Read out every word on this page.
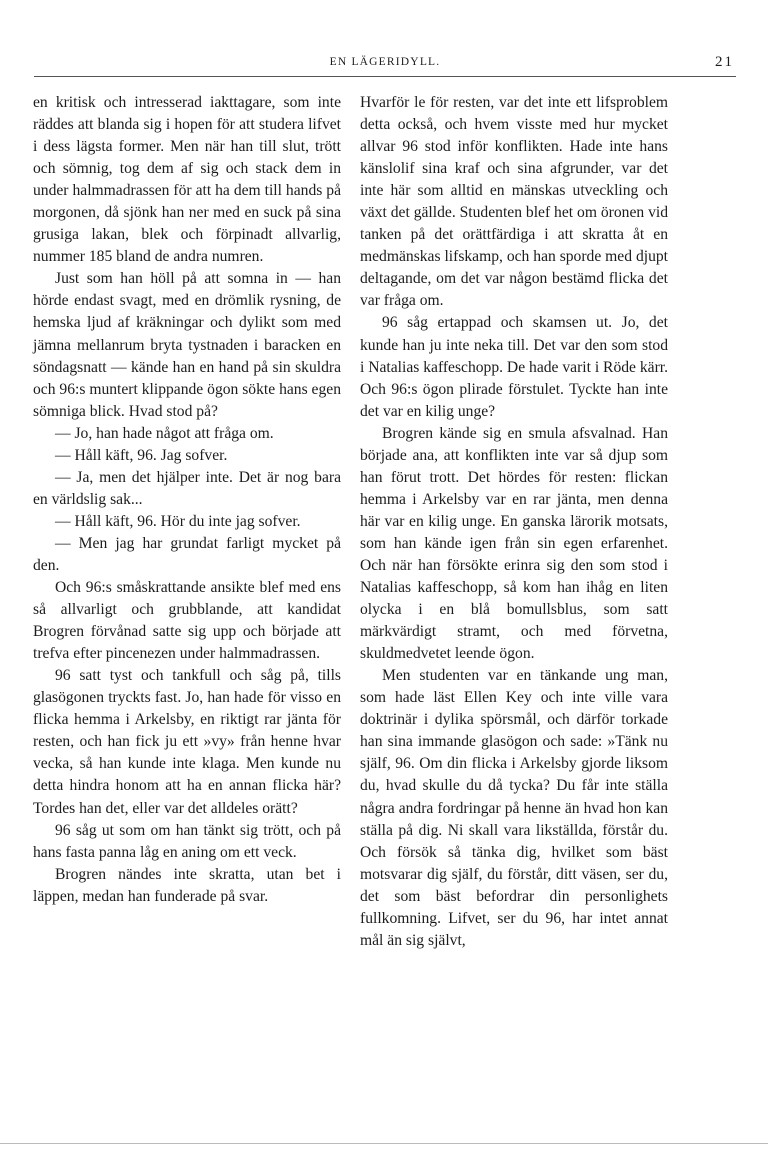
EN LÄGERIDYLL.	21

en kritisk och intresserad iakttagare, som inte räddes att blanda sig i hopen för att studera lifvet i dess lägsta former. Men när han till slut, trött och sömnig, tog dem af sig och stack dem in under halmmadrassen för att ha dem till hands på morgonen, då sjönk han ner med en suck på sina grusiga lakan, blek och förpinadt allvarlig, nummer 185 bland de andra numren.

Just som han höll på att somna in — han hörde endast svagt, med en drömlik rysning, de hemska ljud af kräkningar och dylikt som med jämna mellanrum bryta tystnaden i baracken en söndagsnatt — kände han en hand på sin skuldra och 96:s muntert klippande ögon sökte hans egen sömniga blick. Hvad stod på?

— Jo, han hade något att fråga om.

— Håll käft, 96. Jag sofver.

— Ja, men det hjälper inte. Det är nog bara en världslig sak...

— Håll käft, 96. Hör du inte jag sofver.

— Men jag har grundat farligt mycket på den.

Och 96:s småskrattande ansikte blef med ens så allvarligt och grubblande, att kandidat Brogren förvånad satte sig upp och började att trefva efter pincenezen under halmmadrassen.

96 satt tyst och tankfull och såg på, tills glasögonen tryckts fast. Jo, han hade för visso en flicka hemma i Arkelsby, en riktigt rar jänta för resten, och han fick ju ett »vy» från henne hvar vecka, så han kunde inte klaga. Men kunde nu detta hindra honom att ha en annan flicka här? Tordes han det, eller var det alldeles orätt?

96 såg ut som om han tänkt sig trött, och på hans fasta panna låg en aning om ett veck.

Brogren nändes inte skratta, utan bet i läppen, medan han funderade på svar.

Hvarför le för resten, var det inte ett lifsproblem detta också, och hvem visste med hur mycket allvar 96 stod inför konflikten. Hade inte hans känslolif sina kraf och sina afgrunder, var det inte här som alltid en mänskas utveckling och växt det gällde. Studenten blef het om öronen vid tanken på det orättfärdiga i att skratta åt en medmänskas lifskamp, och han sporde med djupt deltagande, om det var någon bestämd flicka det var fråga om.

96 såg ertappad och skamsen ut. Jo, det kunde han ju inte neka till. Det var den som stod i Natalias kaffeschopp. De hade varit i Röde kärr. Och 96:s ögon plirade förstulet. Tyckte han inte det var en kilig unge?

Brogren kände sig en smula afsvalnad. Han började ana, att konflikten inte var så djup som han förut trott. Det hördes för resten: flickan hemma i Arkelsby var en rar jänta, men denna här var en kilig unge. En ganska lärorik motsats, som han kände igen från sin egen erfarenhet. Och när han försökte erinra sig den som stod i Natalias kaffeschopp, så kom han ihåg en liten olycka i en blå bomullsblus, som satt märkvärdigt stramt, och med förvetna, skuldmedvetet leende ögon.

Men studenten var en tänkande ung man, som hade läst Ellen Key och inte ville vara doktrinär i dylika spörsmål, och därför torkade han sina immande glasögon och sade: »Tänk nu själf, 96. Om din flicka i Arkelsby gjorde liksom du, hvad skulle du då tycka? Du får inte ställa några andra fordringar på henne än hvad hon kan ställa på dig. Ni skall vara likställda, förstår du. Och försök så tänka dig, hvilket som bäst motsvarar dig själf, du förstår, ditt väsen, ser du, det som bäst befordrar din personlighets fullkomning. Lifvet, ser du 96, har intet annat mål än sig självt,
